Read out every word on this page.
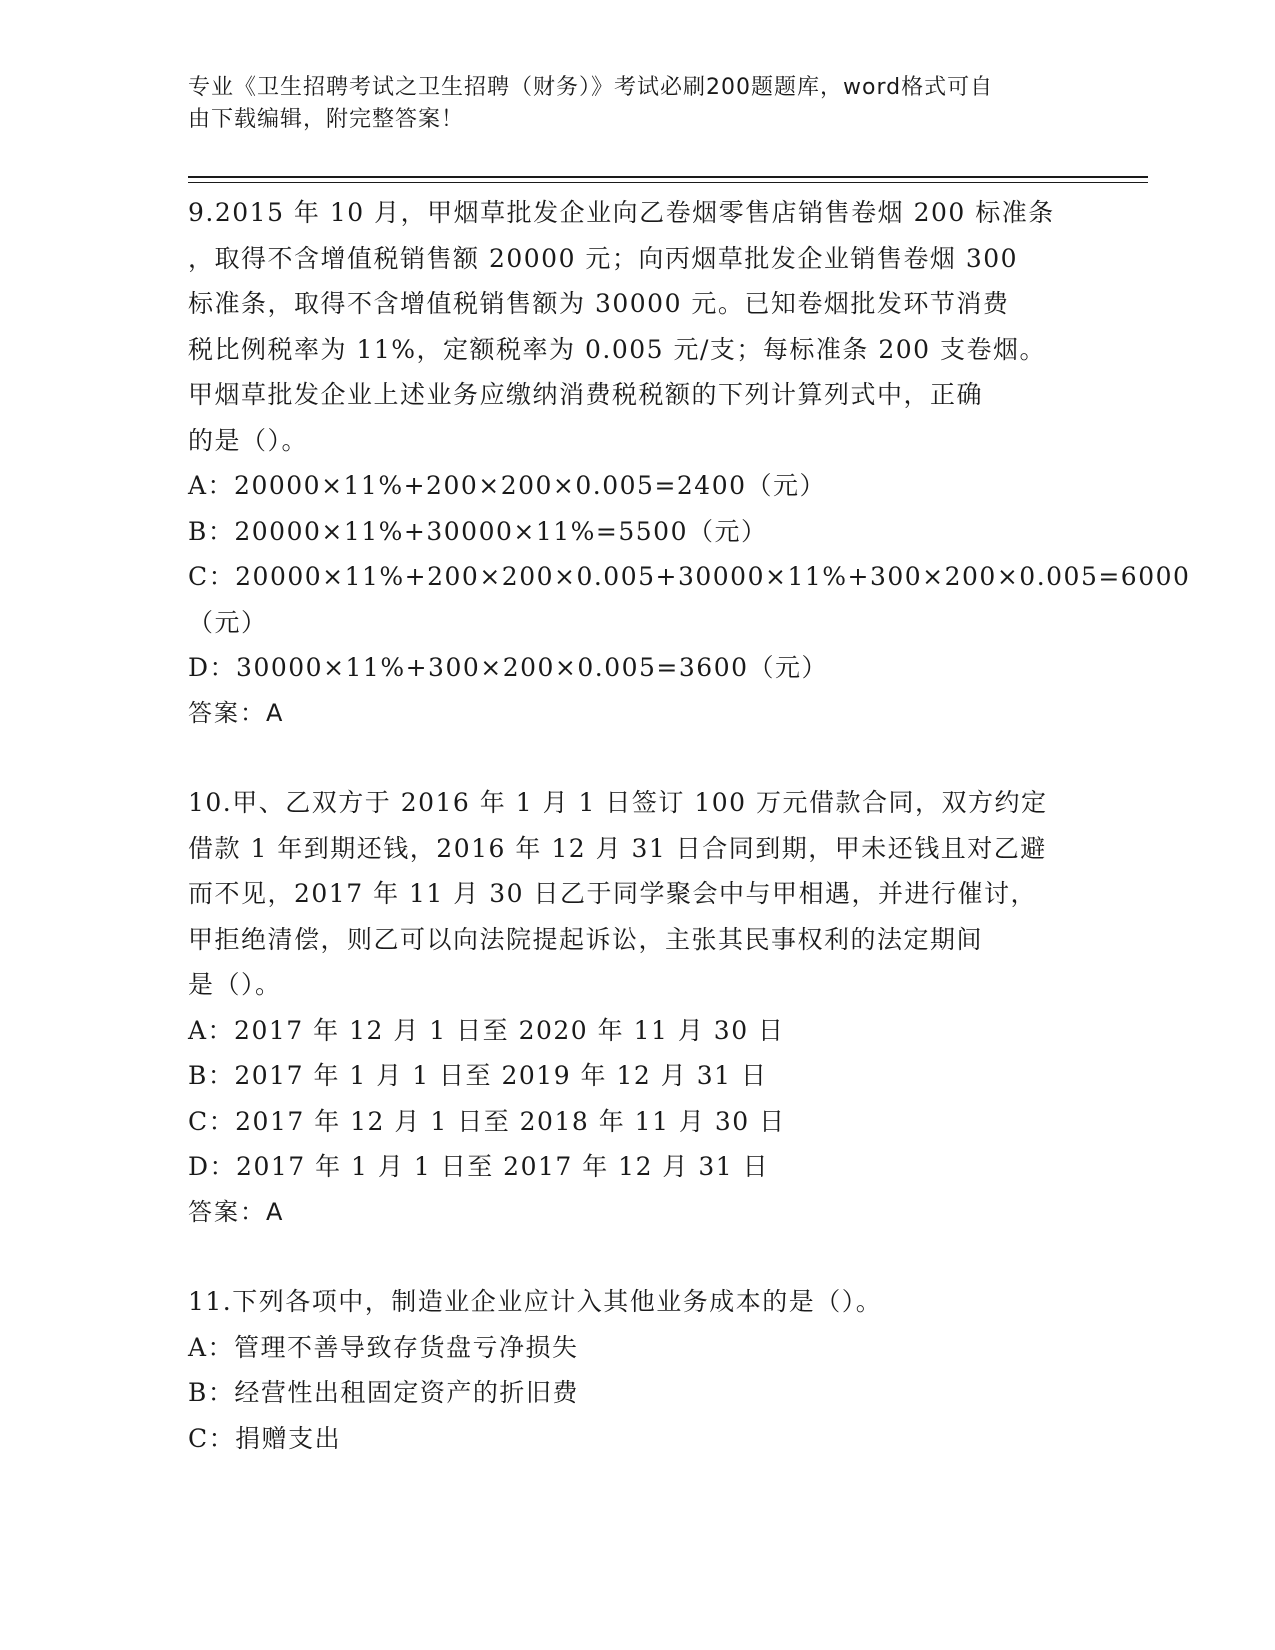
专业《卫生招聘考试之卫生招聘（财务）》考试必刷200题题库，word格式可自
由下载编辑，附完整答案！
9.2015 年 10 月，甲烟草批发企业向乙卷烟零售店销售卷烟 200 标准条
，取得不含增值税销售额 20000 元；向丙烟草批发企业销售卷烟 300
标准条，取得不含增值税销售额为 30000 元。已知卷烟批发环节消费
税比例税率为 11%，定额税率为 0.005 元/支；每标准条 200 支卷烟。
甲烟草批发企业上述业务应缴纳消费税税额的下列计算列式中，正确
的是（）。
A：20000×11%+200×200×0.005=2400（元）
B：20000×11%+30000×11%=5500（元）
C：20000×11%+200×200×0.005+30000×11%+300×200×0.005=6000
（元）
D：30000×11%+300×200×0.005=3600（元）
答案：A
10.甲、乙双方于 2016 年 1 月 1 日签订 100 万元借款合同，双方约定
借款 1 年到期还钱，2016 年 12 月 31 日合同到期，甲未还钱且对乙避
而不见，2017 年 11 月 30 日乙于同学聚会中与甲相遇，并进行催讨，
甲拒绝清偿，则乙可以向法院提起诉讼，主张其民事权利的法定期间
是（）。
A：2017 年 12 月 1 日至 2020 年 11 月 30 日
B：2017 年 1 月 1 日至 2019 年 12 月 31 日
C：2017 年 12 月 1 日至 2018 年 11 月 30 日
D：2017 年 1 月 1 日至 2017 年 12 月 31 日
答案：A
11.下列各项中，制造业企业应计入其他业务成本的是（）。
A：管理不善导致存货盘亏净损失
B：经营性出租固定资产的折旧费
C：捐赠支出
